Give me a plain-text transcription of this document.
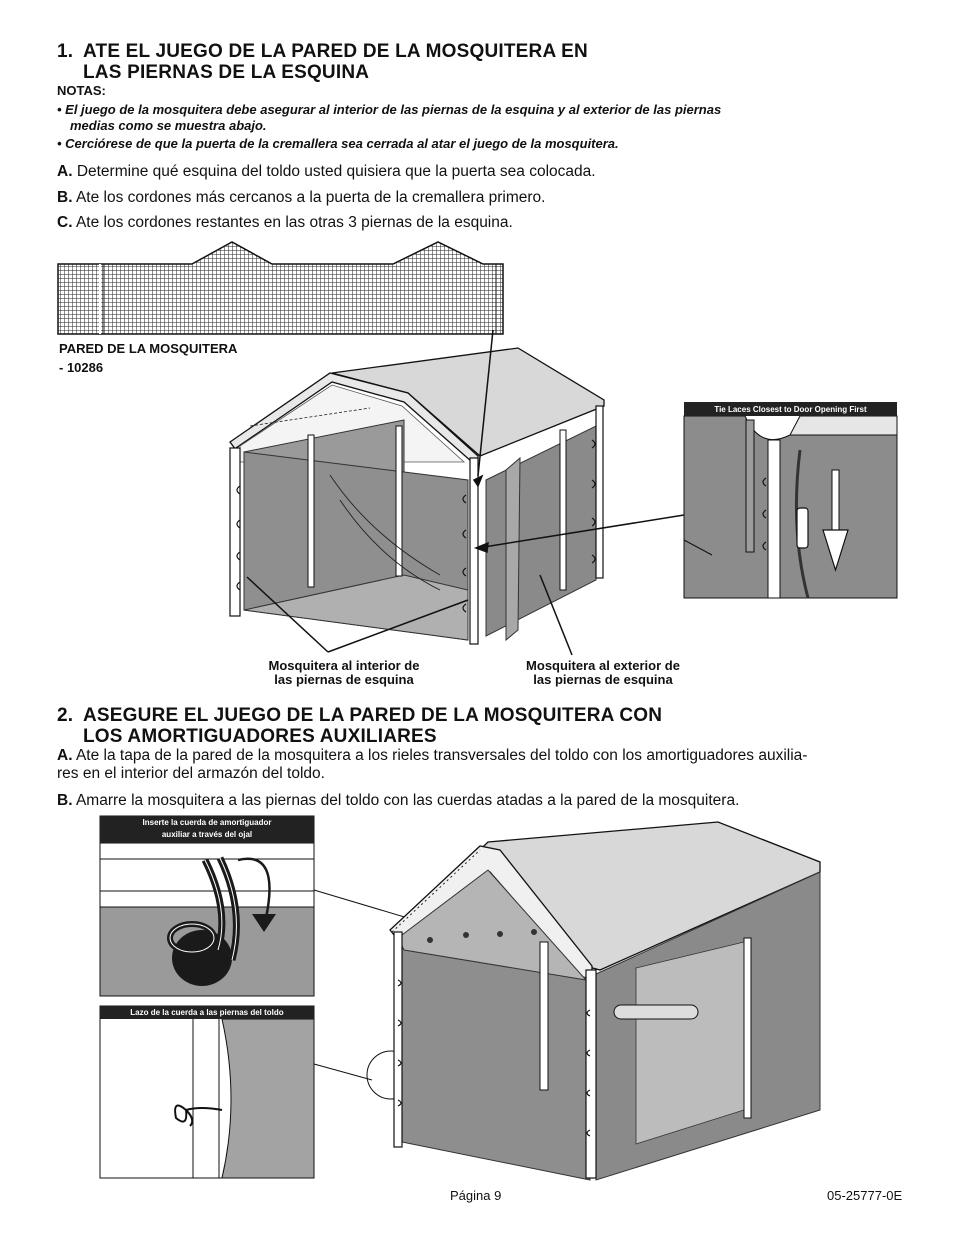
1. ATE EL JUEGO DE LA PARED DE LA MOSQUITERA EN
LAS PIERNAS DE LA ESQUINA
NOTAS:
• El juego de la mosquitera debe asegurar al interior de las piernas de la esquina y al exterior de las piernas
medias como se muestra abajo.
• Cerciórese de que la puerta de la cremallera sea cerrada al atar el juego de la mosquitera.
A. Determine qué esquina del toldo usted quisiera que la puerta sea colocada.
B. Ate los cordones más cercanos a la puerta de la cremallera primero.
C. Ate los cordones restantes en las otras 3 piernas de la esquina.
Tie Laces Closest to Door Opening First
PARED DE LA MOSQUITERA
- 10286
Mosquitera al interior de
las piernas de esquina
Mosquitera al exterior de
las piernas de esquina
2. ASEGURE EL JUEGO DE LA PARED DE LA MOSQUITERA CON
LOS AMORTIGUADORES AUXILIARES
A. Ate la tapa de la pared de la mosquitera a los rieles transversales del toldo con los amortiguadores auxilia-
res en el interior del armazón del toldo.
B. Amarre la mosquitera a las piernas del toldo con las cuerdas atadas a la pared de la mosquitera.
Inserte la cuerda de amortiguador
auxiliar a través del ojal
Lazo de la cuerda a las piernas del toldo
Página 9	05-25777-0E
